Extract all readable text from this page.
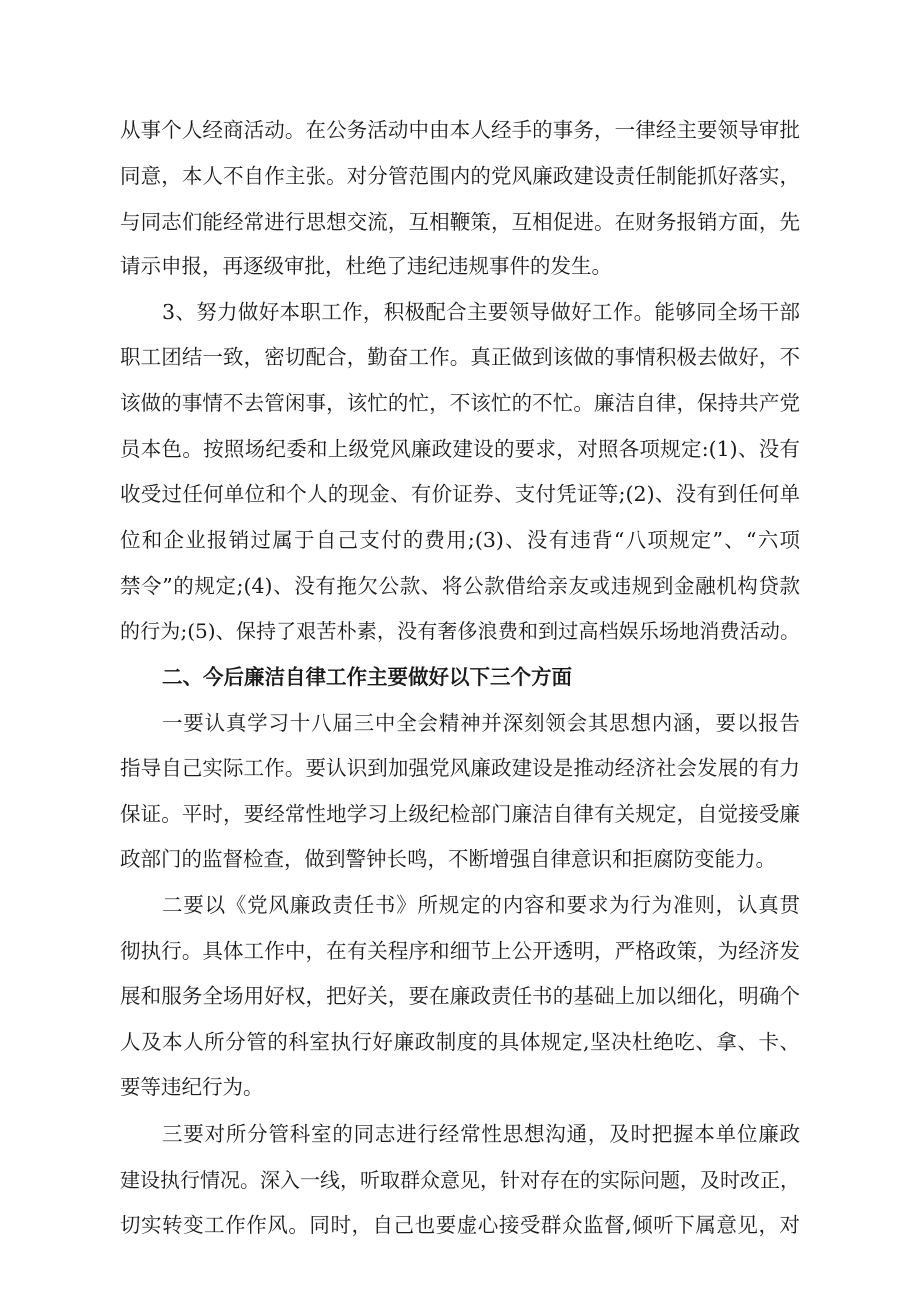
从事个人经商活动。在公务活动中由本人经手的事务，一律经主要领导审批
同意，本人不自作主张。对分管范围内的党风廉政建设责任制能抓好落实，
与同志们能经常进行思想交流，互相鞭策，互相促进。在财务报销方面，先
请示申报，再逐级审批，杜绝了违纪违规事件的发生。
3、努力做好本职工作，积极配合主要领导做好工作。能够同全场干部
职工团结一致，密切配合，勤奋工作。真正做到该做的事情积极去做好，不
该做的事情不去管闲事，该忙的忙，不该忙的不忙。廉洁自律，保持共产党
员本色。按照场纪委和上级党风廉政建设的要求，对照各项规定:(1)、没有
收受过任何单位和个人的现金、有价证券、支付凭证等;(2)、没有到任何单
位和企业报销过属于自己支付的费用;(3)、没有违背“八项规定”、“六项
禁令”的规定;(4)、没有拖欠公款、将公款借给亲友或违规到金融机构贷款
的行为;(5)、保持了艰苦朴素，没有奢侈浪费和到过高档娱乐场地消费活动。
二、今后廉洁自律工作主要做好以下三个方面
一要认真学习十八届三中全会精神并深刻领会其思想内涵，要以报告
指导自己实际工作。要认识到加强党风廉政建设是推动经济社会发展的有力
保证。平时，要经常性地学习上级纪检部门廉洁自律有关规定，自觉接受廉
政部门的监督检查，做到警钟长鸣，不断增强自律意识和拒腐防变能力。
二要以《党风廉政责任书》所规定的内容和要求为行为准则，认真贯
彻执行。具体工作中，在有关程序和细节上公开透明，严格政策，为经济发
展和服务全场用好权，把好关，要在廉政责任书的基础上加以细化，明确个
人及本人所分管的科室执行好廉政制度的具体规定,坚决杜绝吃、拿、卡、
要等违纪行为。
三要对所分管科室的同志进行经常性思想沟通，及时把握本单位廉政
建设执行情况。深入一线，听取群众意见，针对存在的实际问题，及时改正，
切实转变工作作风。同时，自己也要虚心接受群众监督,倾听下属意见，对
